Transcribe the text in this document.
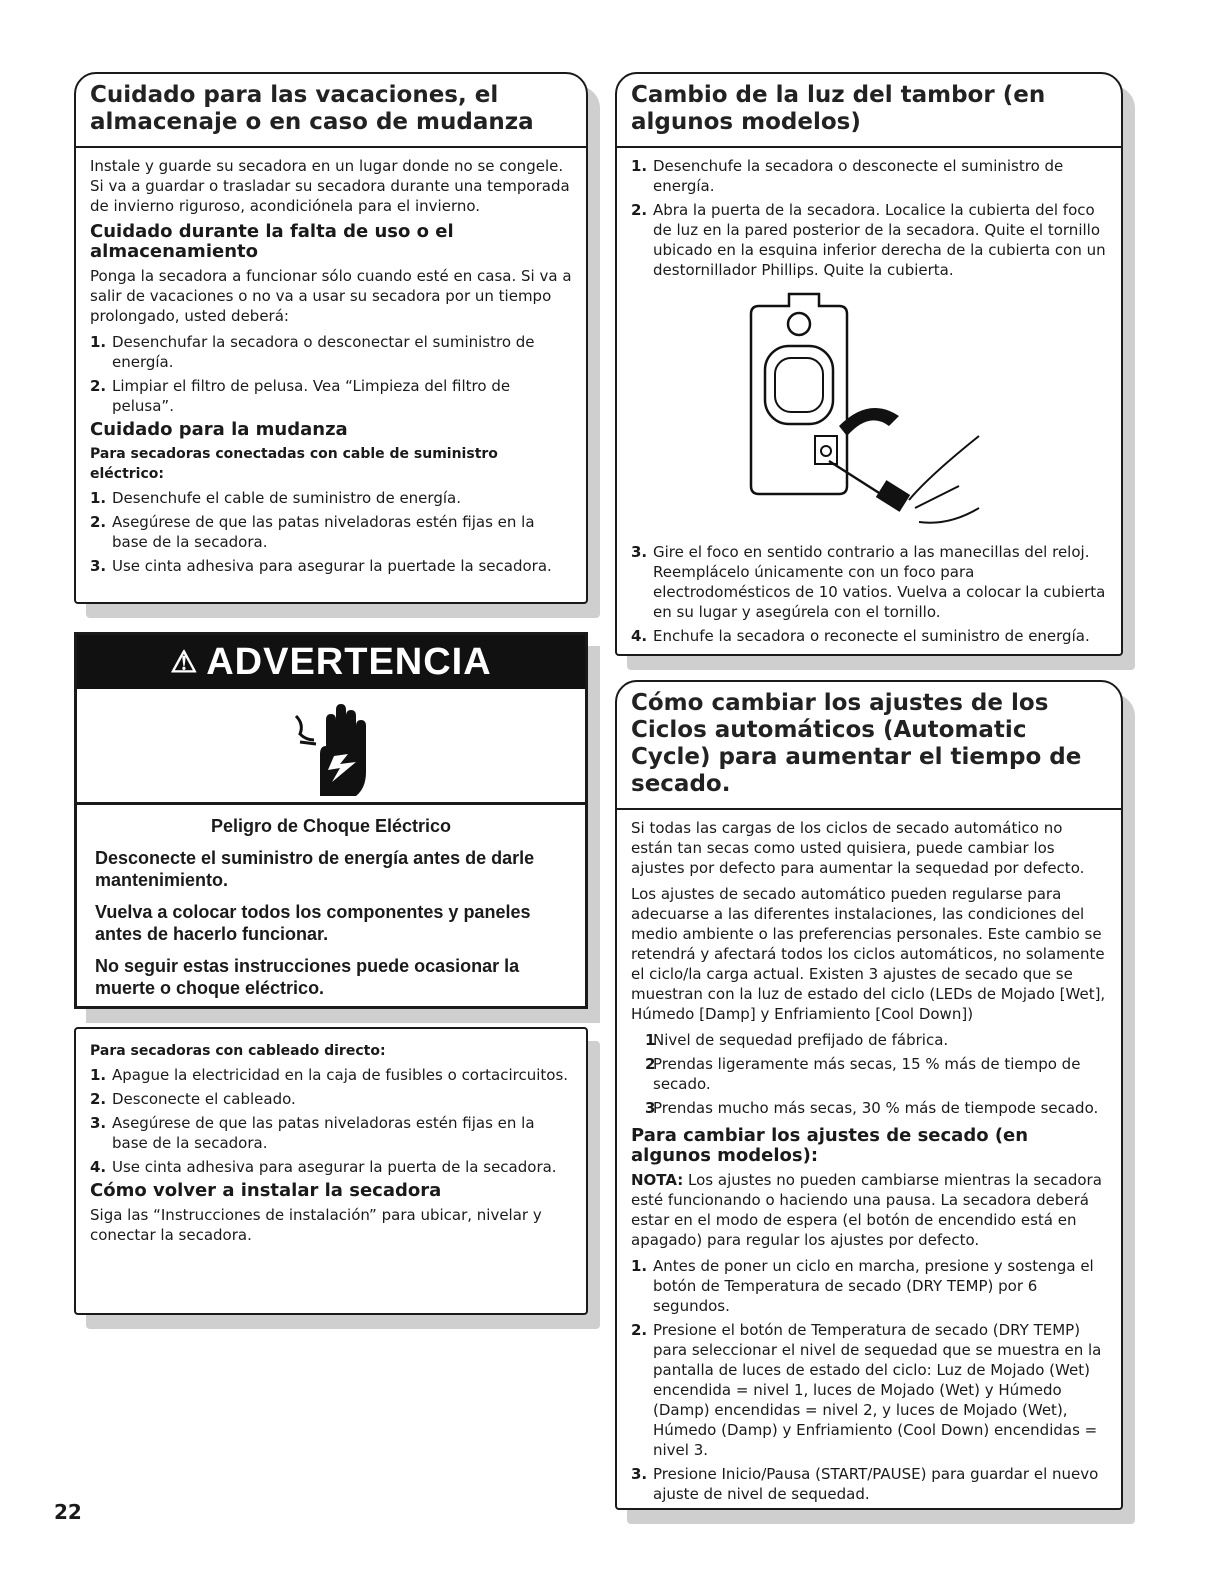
Cuidado para las vacaciones, el almacenaje o en caso de mudanza

Instale y guarde su secadora en un lugar donde no se congele. Si va a guardar o trasladar su secadora durante una temporada de invierno riguroso, acondiciónela para el invierno.

Cuidado durante la falta de uso o el almacenamiento

Ponga la secadora a funcionar sólo cuando esté en casa. Si va a salir de vacaciones o no va a usar su secadora por un tiempo prolongado, usted deberá:

1. Desenchufar la secadora o desconectar el suministro de energía.
2. Limpiar el filtro de pelusa. Vea “Limpieza del filtro de pelusa”.
Cuidado para la mudanza
Para secadoras conectadas con cable de suministro eléctrico:
1. Desenchufe el cable de suministro de energía.
2. Asegúrese de que las patas niveladoras estén fijas en la base de la secadora.
3. Use cinta adhesiva para asegurar la puertade la secadora.
⚠ ADVERTENCIA
Peligro de Choque Eléctrico

Desconecte el suministro de energía antes de darle mantenimiento.

Vuelva a colocar todos los componentes y paneles antes de hacerlo funcionar.

No seguir estas instrucciones puede ocasionar la muerte o choque eléctrico.

Para secadoras con cableado directo:
1. Apague la electricidad en la caja de fusibles o cortacircuitos.
2. Desconecte el cableado.
3. Asegúrese de que las patas niveladoras estén fijas en la base de la secadora.
4. Use cinta adhesiva para asegurar la puerta de la secadora.
Cómo volver a instalar la secadora

Siga las “Instrucciones de instalación” para ubicar, nivelar y conectar la secadora.

Cambio de la luz del tambor (en algunos modelos)
1. Desenchufe la secadora o desconecte el suministro de energía.
2. Abra la puerta de la secadora. Localice la cubierta del foco de luz en la pared posterior de la secadora. Quite el tornillo ubicado en la esquina inferior derecha de la cubierta con un destornillador Phillips. Quite la cubierta.
3. Gire el foco en sentido contrario a las manecillas del reloj. Reemplácelo únicamente con un foco para electrodomésticos de 10 vatios. Vuelva a colocar la cubierta en su lugar y asegúrela con el tornillo.
4. Enchufe la secadora o reconecte el suministro de energía.
Cómo cambiar los ajustes de los Ciclos automáticos (Automatic Cycle) para aumentar el tiempo de secado.

Si todas las cargas de los ciclos de secado automático no están tan secas como usted quisiera, puede cambiar los ajustes por defecto para aumentar la sequedad por defecto.

Los ajustes de secado automático pueden regularse para adecuarse a las diferentes instalaciones, las condiciones del medio ambiente o las preferencias personales. Este cambio se retendrá y afectará todos los ciclos automáticos, no solamente el ciclo/la carga actual. Existen 3 ajustes de secado que se muestran con la luz de estado del ciclo (LEDs de Mojado [Wet], Húmedo [Damp] y Enfriamiento [Cool Down])

1
Nivel de sequedad prefijado de fábrica.
2
Prendas ligeramente más secas, 15 % más de tiempo de secado.
3
Prendas mucho más secas, 30 % más de tiempode secado.
Para cambiar los ajustes de secado (en algunos modelos):

NOTA: Los ajustes no pueden cambiarse mientras la secadora esté funcionando o haciendo una pausa. La secadora deberá estar en el modo de espera (el botón de encendido está en apagado) para regular los ajustes por defecto.

1. Antes de poner un ciclo en marcha, presione y sostenga el botón de Temperatura de secado (DRY TEMP) por 6 segundos.
2. Presione el botón de Temperatura de secado (DRY TEMP) para seleccionar el nivel de sequedad que se muestra en la pantalla de luces de estado del ciclo: Luz de Mojado (Wet) encendida = nivel 1, luces de Mojado (Wet) y Húmedo (Damp) encendidas = nivel 2, y luces de Mojado (Wet), Húmedo (Damp) y Enfriamiento (Cool Down) encendidas = nivel 3.
3. Presione Inicio/Pausa (START/PAUSE) para guardar el nuevo ajuste de nivel de sequedad.
22
